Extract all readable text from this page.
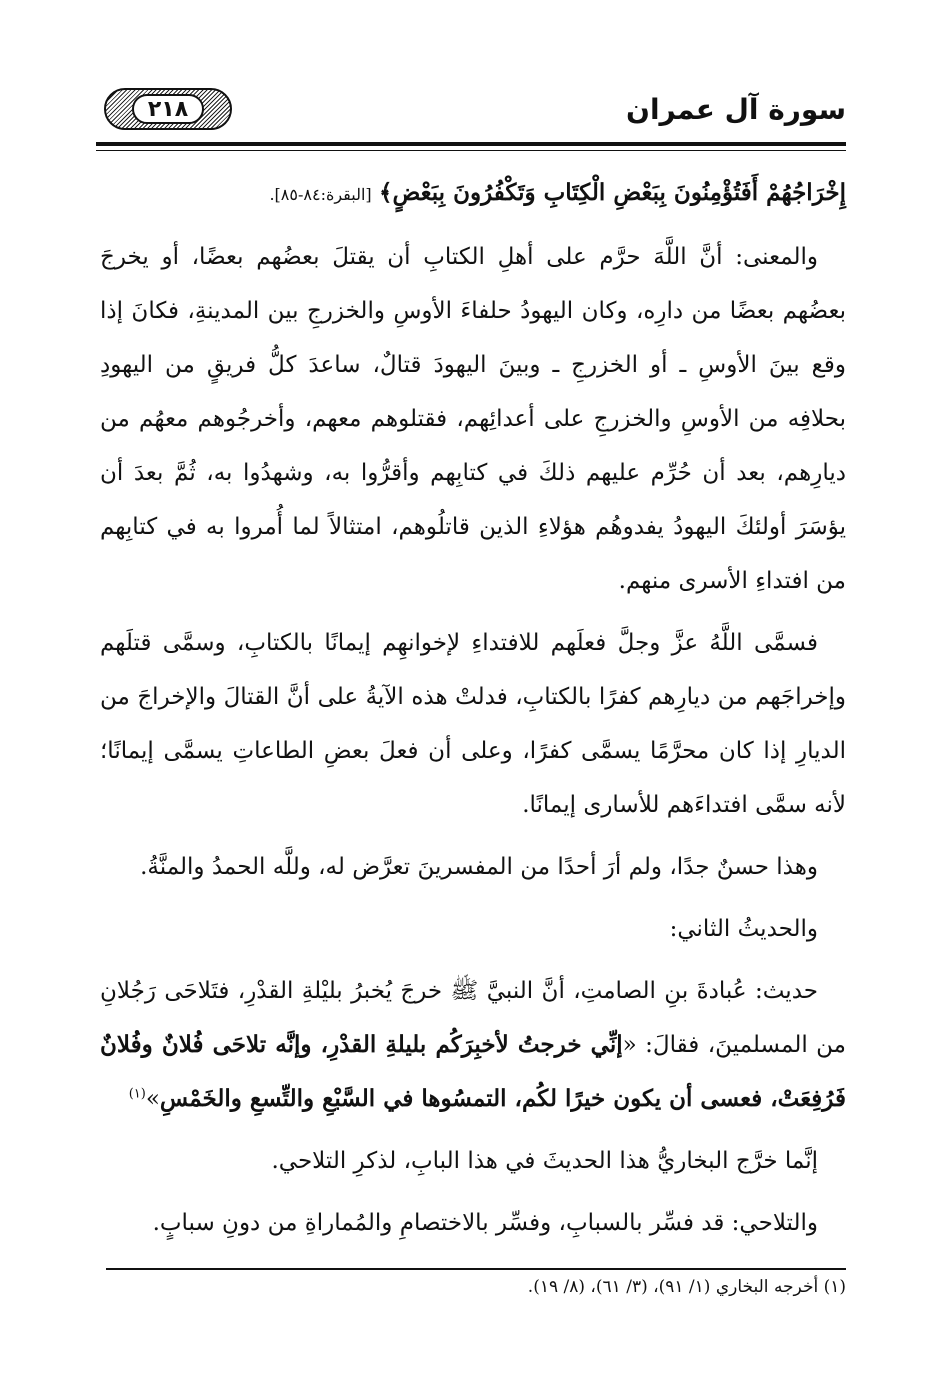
سورة آل عمران
٢١٨

إِخْرَاجُهُمْ أَفَتُؤْمِنُونَ بِبَعْضِ الْكِتَابِ وَتَكْفُرُونَ بِبَعْضٍ﴾ [البقرة:٨٤-٨٥].

والمعنى: أنَّ اللَّهَ حرَّم على أهلِ الكتابِ أن يقتلَ بعضُهم بعضًا، أو يخرجَ بعضُهم بعضًا من دارِه، وكان اليهودُ حلفاءَ الأوسِ والخزرجِ بين المدينةِ، فكانَ إذا وقع بينَ الأوسِ ـ أو الخزرجِ ـ وبينَ اليهودَ قتالٌ، ساعدَ كلُّ فريقٍ من اليهودِ بحلافِه من الأوسِ والخزرجِ على أعدائِهم، فقتلوهم معهم، وأخرجُوهم معهُم من ديارِهم، بعد أن حُرِّم عليهم ذلكَ في كتابِهم وأقرُّوا به، وشهدُوا به، ثُمَّ بعدَ أن يؤسَرَ أولئكَ اليهودُ يفدوهُم هؤلاءِ الذين قاتلُوهم، امتثالاً لما أُمروا به في كتابِهم من افتداءِ الأسرى منهم.

فسمَّى اللَّهُ عزَّ وجلَّ فعلَهم للافتداءِ لإخوانهِم إيمانًا بالكتابِ، وسمَّى قتلَهم وإخراجَهم من ديارِهم كفرًا بالكتابِ، فدلتْ هذه الآيةُ على أنَّ القتالَ والإخراجَ من الديارِ إذا كان محرَّمًا يسمَّى كفرًا، وعلى أن فعلَ بعضِ الطاعاتِ يسمَّى إيمانًا؛ لأنه سمَّى افتداءَهم للأسارى إيمانًا.

وهذا حسنٌ جدًا، ولم أرَ أحدًا من المفسرينَ تعرَّض له، وللَّه الحمدُ والمنَّةُ.

والحديثُ الثاني:

حديث: عُبادةَ بنِ الصامتِ، أنَّ النبيَّ ﷺ خرجَ يُخبرُ بليْلةِ القدْرِ، فتَلاحَى رَجُلانِ من المسلمينَ، فقالَ: «إنِّي خرجتُ لأخبِرَكُم بليلةِ القدْرِ، وإنَّه تلاحَى فُلانٌ وفُلانٌ فَرُفِعَتْ، فعسى أن يكون خيرًا لكُم، التمسُوها في السَّبْعِ والتِّسعِ والخَمْسِ»$^{(١)}$

إنَّما خرَّج البخاريُّ هذا الحديثَ في هذا البابِ، لذكرِ التلاحي.

والتلاحي: قد فسِّر بالسبابِ، وفسِّر بالاختصامِ والمُماراةِ من دونِ سبابٍ.

(١) أخرجه البخاري (١/ ٩١)، (٣/ ٦١)، (٨/ ١٩).
